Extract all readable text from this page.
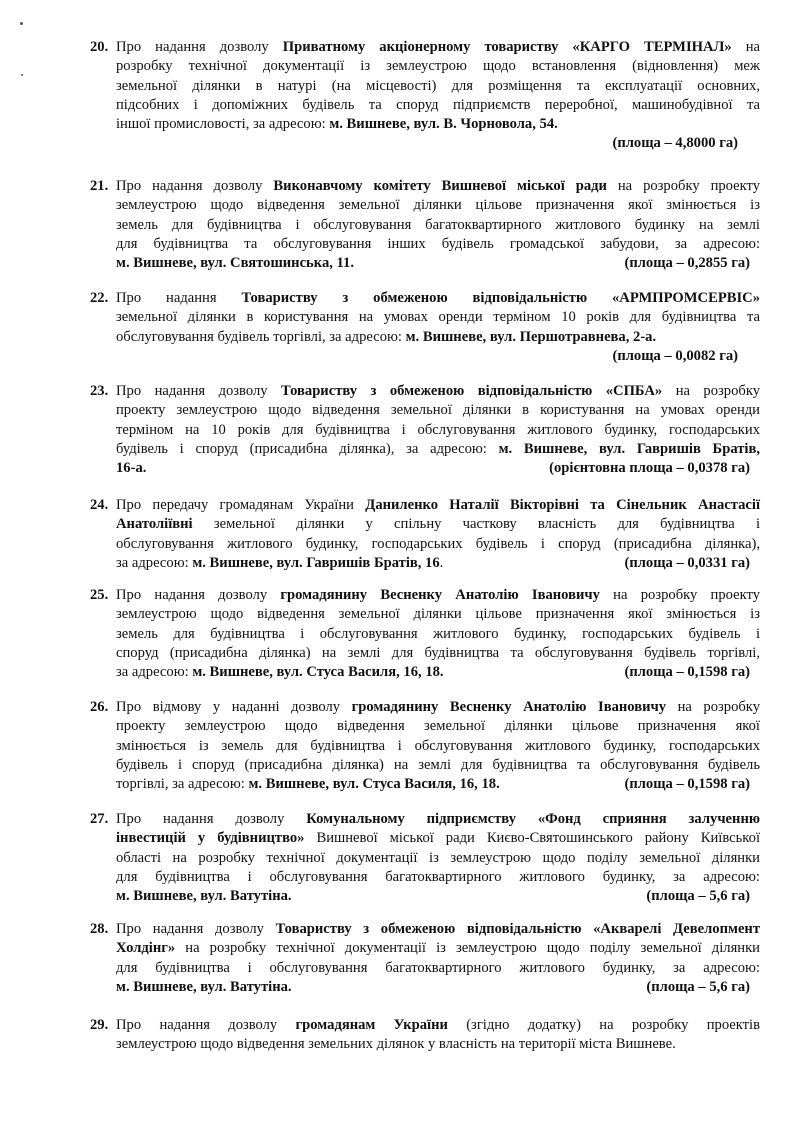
20. Про надання дозволу Приватному акціонерному товариству «КАРГО ТЕРМІНАЛ» на
розробку технічної документації із землеустрою щодо встановлення (відновлення) меж
земельної ділянки в натурі (на місцевості) для розміщення та експлуатації основних,
підсобних і допоміжних будівель та споруд підприємств переробної, машинобудівної та
іншої промисловості, за адресою: м. Вишневе, вул. В. Чорновола, 54.
(площа – 4,8000 га)
21. Про надання дозволу Виконавчому комітету Вишневої міської ради на розробку проекту
землеустрою щодо відведення земельної ділянки цільове призначення якої змінюється із
земель для будівництва і обслуговування багатоквартирного житлового будинку на землі
для будівництва та обслуговування інших будівель громадської забудови, за адресою:
м. Вишневе, вул. Святошинська, 11.	(площа – 0,2855 га)
22. Про надання Товариству з обмеженою відповідальністю «АРМПРОМСЕРВІС»
земельної ділянки в користування на умовах оренди терміном 10 років для будівництва та
обслуговування будівель торгівлі, за адресою: м. Вишневе, вул. Першотравнева, 2-а.
(площа – 0,0082 га)
23. Про надання дозволу Товариству з обмеженою відповідальністю «СПБА» на розробку
проекту землеустрою щодо відведення земельної ділянки в користування на умовах оренди
терміном на 10 років для будівництва і обслуговування житлового будинку, господарських
будівель і споруд (присадибна ділянка), за адресою: м. Вишневе, вул. Гавришів Братів,
16-а.	(орієнтовна площа – 0,0378 га)
24. Про передачу громадянам України Даниленко Наталії Вікторівні та Сінельник Анастасії
Анатоліївні земельної ділянки у спільну часткову власність для будівництва і
обслуговування житлового будинку, господарських будівель і споруд (присадибна ділянка),
за адресою: м. Вишневе, вул. Гавришів Братів, 16.	(площа – 0,0331 га)
25. Про надання дозволу громадянину Весненку Анатолію Івановичу на розробку проекту
землеустрою щодо відведення земельної ділянки цільове призначення якої змінюється із
земель для будівництва і обслуговування житлового будинку, господарських будівель і
споруд (присадибна ділянка) на землі для будівництва та обслуговування будівель торгівлі,
за адресою: м. Вишневе, вул. Стуса Василя, 16, 18.	(площа – 0,1598 га)
26. Про відмову у наданні дозволу громадянину Весненку Анатолію Івановичу на розробку
проекту землеустрою щодо відведення земельної ділянки цільове призначення якої
змінюється із земель для будівництва і обслуговування житлового будинку, господарських
будівель і споруд (присадибна ділянка) на землі для будівництва та обслуговування будівель
торгівлі, за адресою: м. Вишневе, вул. Стуса Василя, 16, 18.	(площа – 0,1598 га)
27. Про надання дозволу Комунальному підприємству «Фонд сприяння залученню
інвестицій у будівництво» Вишневої міської ради Києво-Святошинського району Київської
області на розробку технічної документації із землеустрою щодо поділу земельної ділянки
для будівництва і обслуговування багатоквартирного житлового будинку, за адресою:
м. Вишневе, вул. Ватутіна.	(площа – 5,6 га)
28. Про надання дозволу Товариству з обмеженою відповідальністю «Акварелі Девелопмент
Холдінг» на розробку технічної документації із землеустрою щодо поділу земельної ділянки
для будівництва і обслуговування багатоквартирного житлового будинку, за адресою:
м. Вишневе, вул. Ватутіна.	(площа – 5,6 га)
29. Про надання дозволу громадянам України (згідно додатку) на розробку проектів
землеустрою щодо відведення земельних ділянок у власність на території міста Вишневе.
